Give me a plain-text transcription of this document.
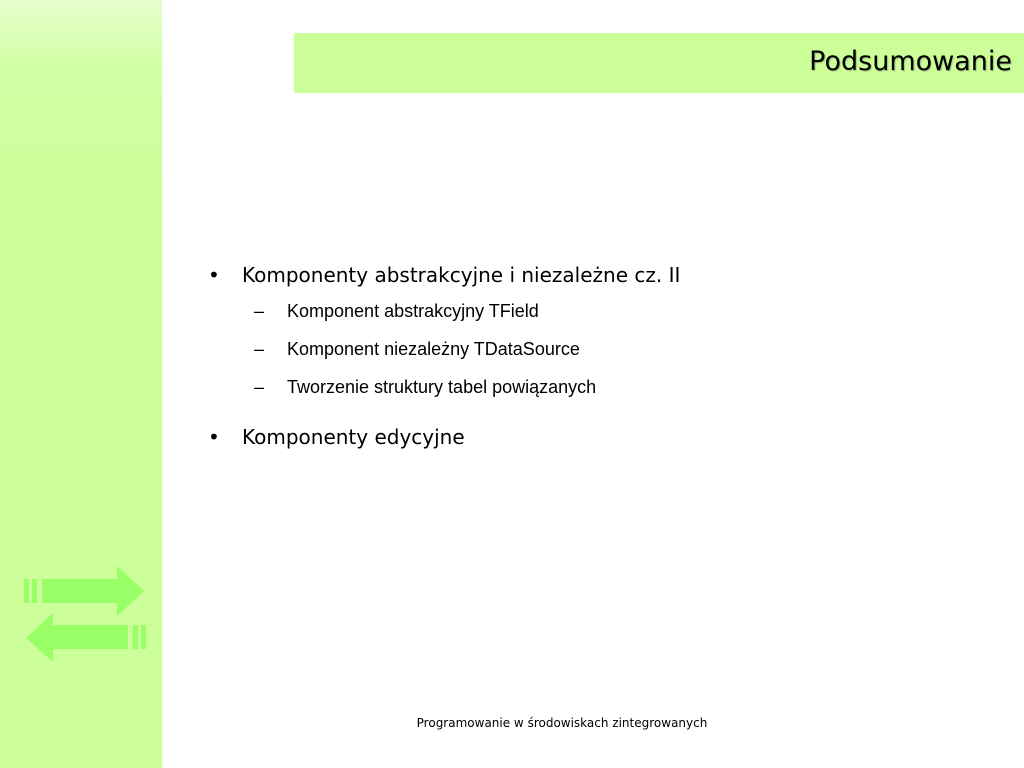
Podsumowanie
• Komponenty abstrakcyjne i niezależne cz. II
– Komponent abstrakcyjny TField
– Komponent niezależny TDataSource
– Tworzenie struktury tabel powiązanych
• Komponenty edycyjne
Programowanie w środowiskach zintegrowanych
